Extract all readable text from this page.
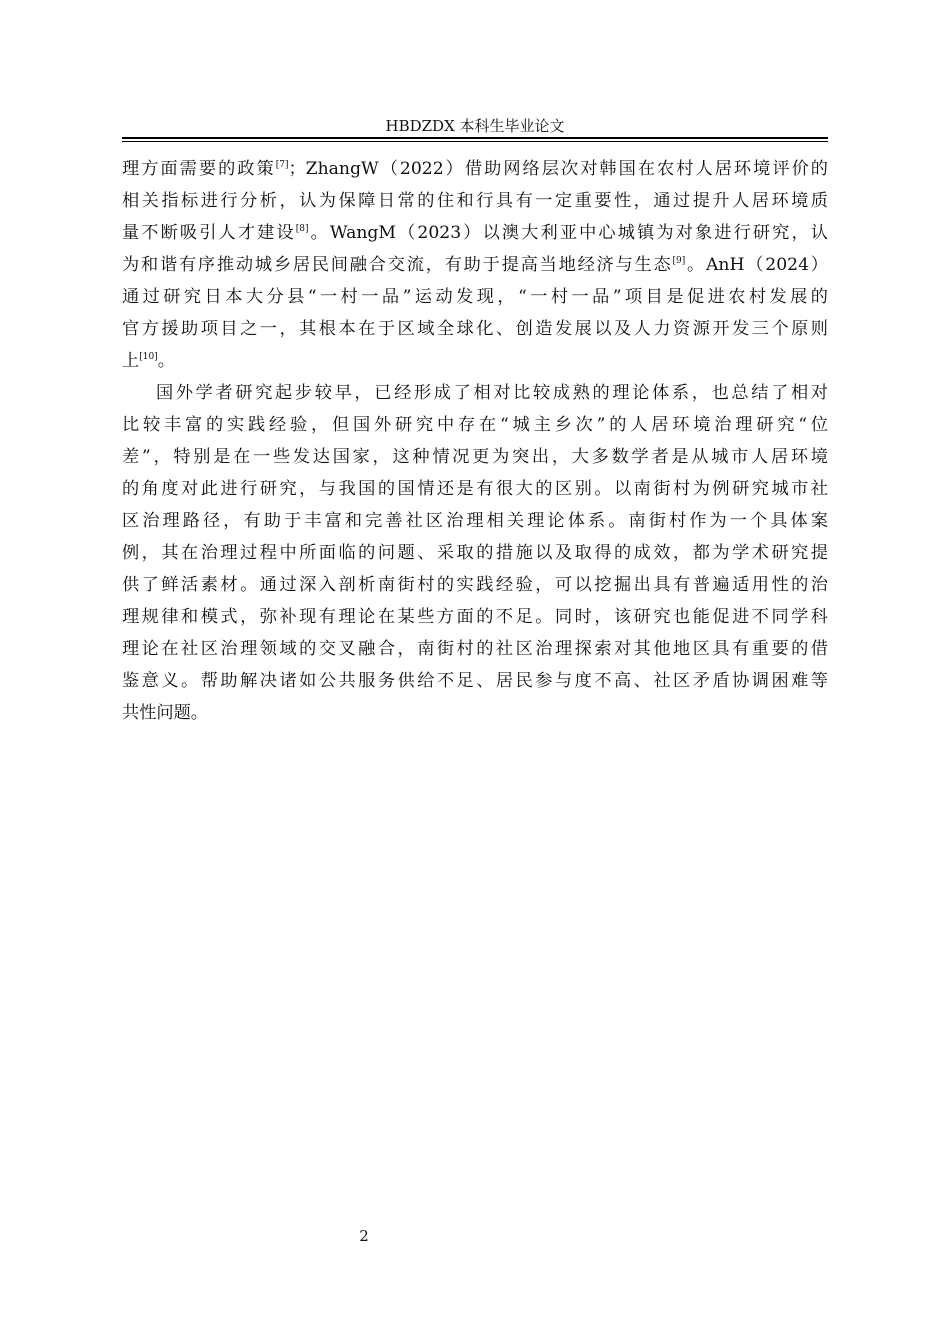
HBDZDX 本科生毕业论文

理方面需要的政策[7]；ZhangW（2022）借助网络层次对韩国在农村人居环境评价的
相关指标进行分析，认为保障日常的住和行具有一定重要性，通过提升人居环境质
量不断吸引人才建设[8]。WangM（2023）以澳大利亚中心城镇为对象进行研究，认
为和谐有序推动城乡居民间融合交流，有助于提高当地经济与生态[9]。AnH（2024）
通过研究日本大分县“一村一品”运动发现，“一村一品”项目是促进农村发展的
官方援助项目之一，其根本在于区域全球化、创造发展以及人力资源开发三个原则
上[10]。

国外学者研究起步较早，已经形成了相对比较成熟的理论体系，也总结了相对
比较丰富的实践经验，但国外研究中存在“城主乡次”的人居环境治理研究“位
差”，特别是在一些发达国家，这种情况更为突出，大多数学者是从城市人居环境
的角度对此进行研究，与我国的国情还是有很大的区别。以南街村为例研究城市社
区治理路径，有助于丰富和完善社区治理相关理论体系。南街村作为一个具体案
例，其在治理过程中所面临的问题、采取的措施以及取得的成效，都为学术研究提
供了鲜活素材。通过深入剖析南街村的实践经验，可以挖掘出具有普遍适用性的治
理规律和模式，弥补现有理论在某些方面的不足。同时，该研究也能促进不同学科
理论在社区治理领域的交叉融合，南街村的社区治理探索对其他地区具有重要的借
鉴意义。帮助解决诸如公共服务供给不足、居民参与度不高、社区矛盾协调困难等
共性问题。

2
